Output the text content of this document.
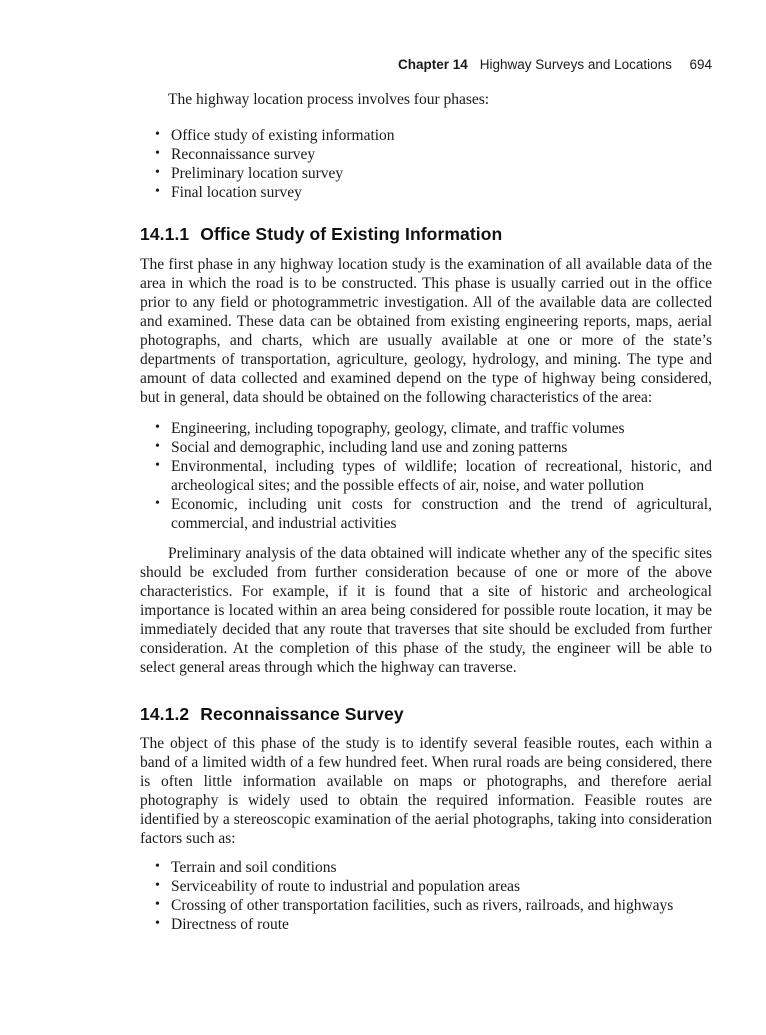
Chapter 14 Highway Surveys and Locations 694

The highway location process involves four phases:

• Office study of existing information
• Reconnaissance survey
• Preliminary location survey
• Final location survey
14.1.1 Office Study of Existing Information

The first phase in any highway location study is the examination of all available data of the area in which the road is to be constructed. This phase is usually carried out in the office prior to any field or photogrammetric investigation. All of the available data are collected and examined. These data can be obtained from existing engineering reports, maps, aerial photographs, and charts, which are usually available at one or more of the state’s departments of transportation, agriculture, geology, hydrology, and mining. The type and amount of data collected and examined depend on the type of highway being considered, but in general, data should be obtained on the following characteristics of the area:

• Engineering, including topography, geology, climate, and traffic volumes
• Social and demographic, including land use and zoning patterns
• Environmental, including types of wildlife; location of recreational, historic, and archeological sites; and the possible effects of air, noise, and water pollution
• Economic, including unit costs for construction and the trend of agricultural, commercial, and industrial activities

Preliminary analysis of the data obtained will indicate whether any of the specific sites should be excluded from further consideration because of one or more of the above characteristics. For example, if it is found that a site of historic and archeological importance is located within an area being considered for possible route location, it may be immediately decided that any route that traverses that site should be excluded from further consideration. At the completion of this phase of the study, the engineer will be able to select general areas through which the highway can traverse.

14.1.2 Reconnaissance Survey

The object of this phase of the study is to identify several feasible routes, each within a band of a limited width of a few hundred feet. When rural roads are being considered, there is often little information available on maps or photographs, and therefore aerial photography is widely used to obtain the required information. Feasible routes are identified by a stereoscopic examination of the aerial photographs, taking into consideration factors such as:

• Terrain and soil conditions
• Serviceability of route to industrial and population areas
• Crossing of other transportation facilities, such as rivers, railroads, and highways
• Directness of route
